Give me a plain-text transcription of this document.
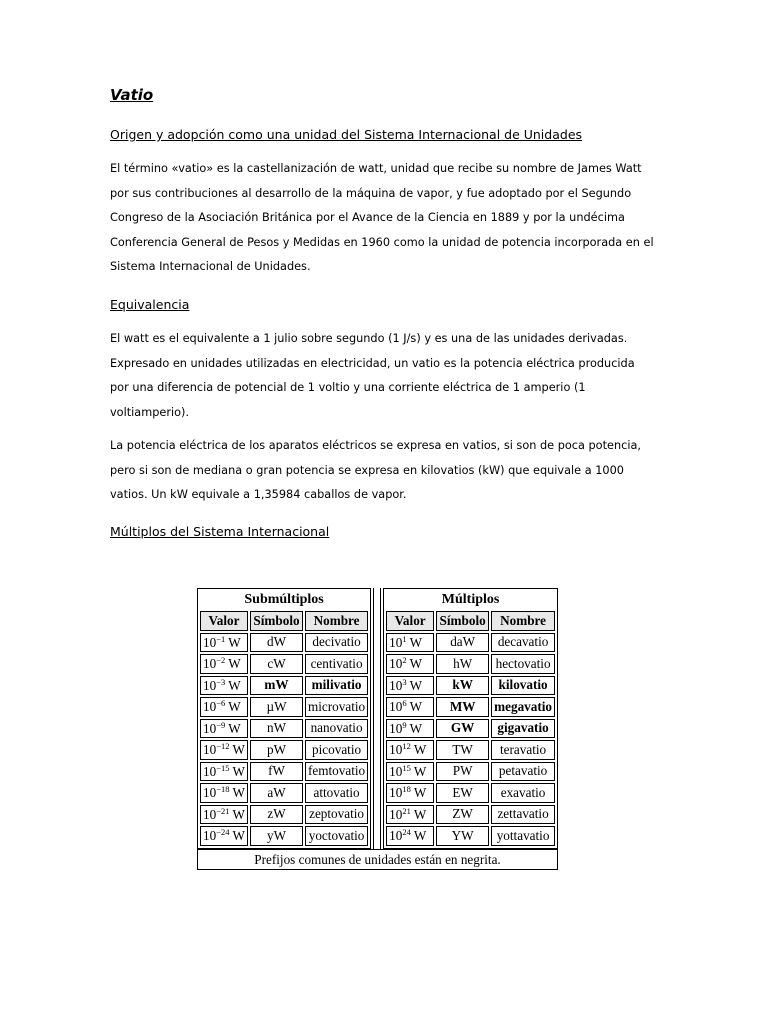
Vatio
Origen y adopción como una unidad del Sistema Internacional de Unidades

El término «vatio» es la castellanización de watt, unidad que recibe su nombre de James Watt por sus contribuciones al desarrollo de la máquina de vapor, y fue adoptado por el Segundo Congreso de la Asociación Británica por el Avance de la Ciencia en 1889 y por la undécima Conferencia General de Pesos y Medidas en 1960 como la unidad de potencia incorporada en el Sistema Internacional de Unidades.

Equivalencia

El watt es el equivalente a 1 julio sobre segundo (1 J/s) y es una de las unidades derivadas. Expresado en unidades utilizadas en electricidad, un vatio es la potencia eléctrica producida por una diferencia de potencial de 1 voltio y una corriente eléctrica de 1 amperio (1 voltiamperio).

La potencia eléctrica de los aparatos eléctricos se expresa en vatios, si son de poca potencia, pero si son de mediana o gran potencia se expresa en kilovatios (kW) que equivale a 1000 vatios. Un kW equivale a 1,35984 caballos de vapor.

Múltiplos del Sistema Internacional
Submúltiplos		
Valor	Símbolo	Nombre
$10^{-1}$ W	dW	decivatio
$10^{-2}$ W	cW	centivatio
$10^{-3}$ W	mW	milivatio
$10^{-6}$ W	µW	microvatio
$10^{-9}$ W	nW	nanovatio
$10^{-12}$ W	pW	picovatio
$10^{-15}$ W	fW	femtovatio
$10^{-18}$ W	aW	attovatio
$10^{-21}$ W	zW	zeptovatio
$10^{-24}$ W	yW	yoctovatio
Múltiplos		
Valor	Símbolo	Nombre
$10^1$ W	daW	decavatio
$10^2$ W	hW	hectovatio
$10^3$ W	kW	kilovatio
$10^6$ W	MW	megavatio
$10^9$ W	GW	gigavatio
$10^{12}$ W	TW	teravatio
$10^{15}$ W	PW	petavatio
$10^{18}$ W	EW	exavatio
$10^{21}$ W	ZW	zettavatio
$10^{24}$ W	YW	yottavatio
Prefijos comunes de unidades están en negrita.
